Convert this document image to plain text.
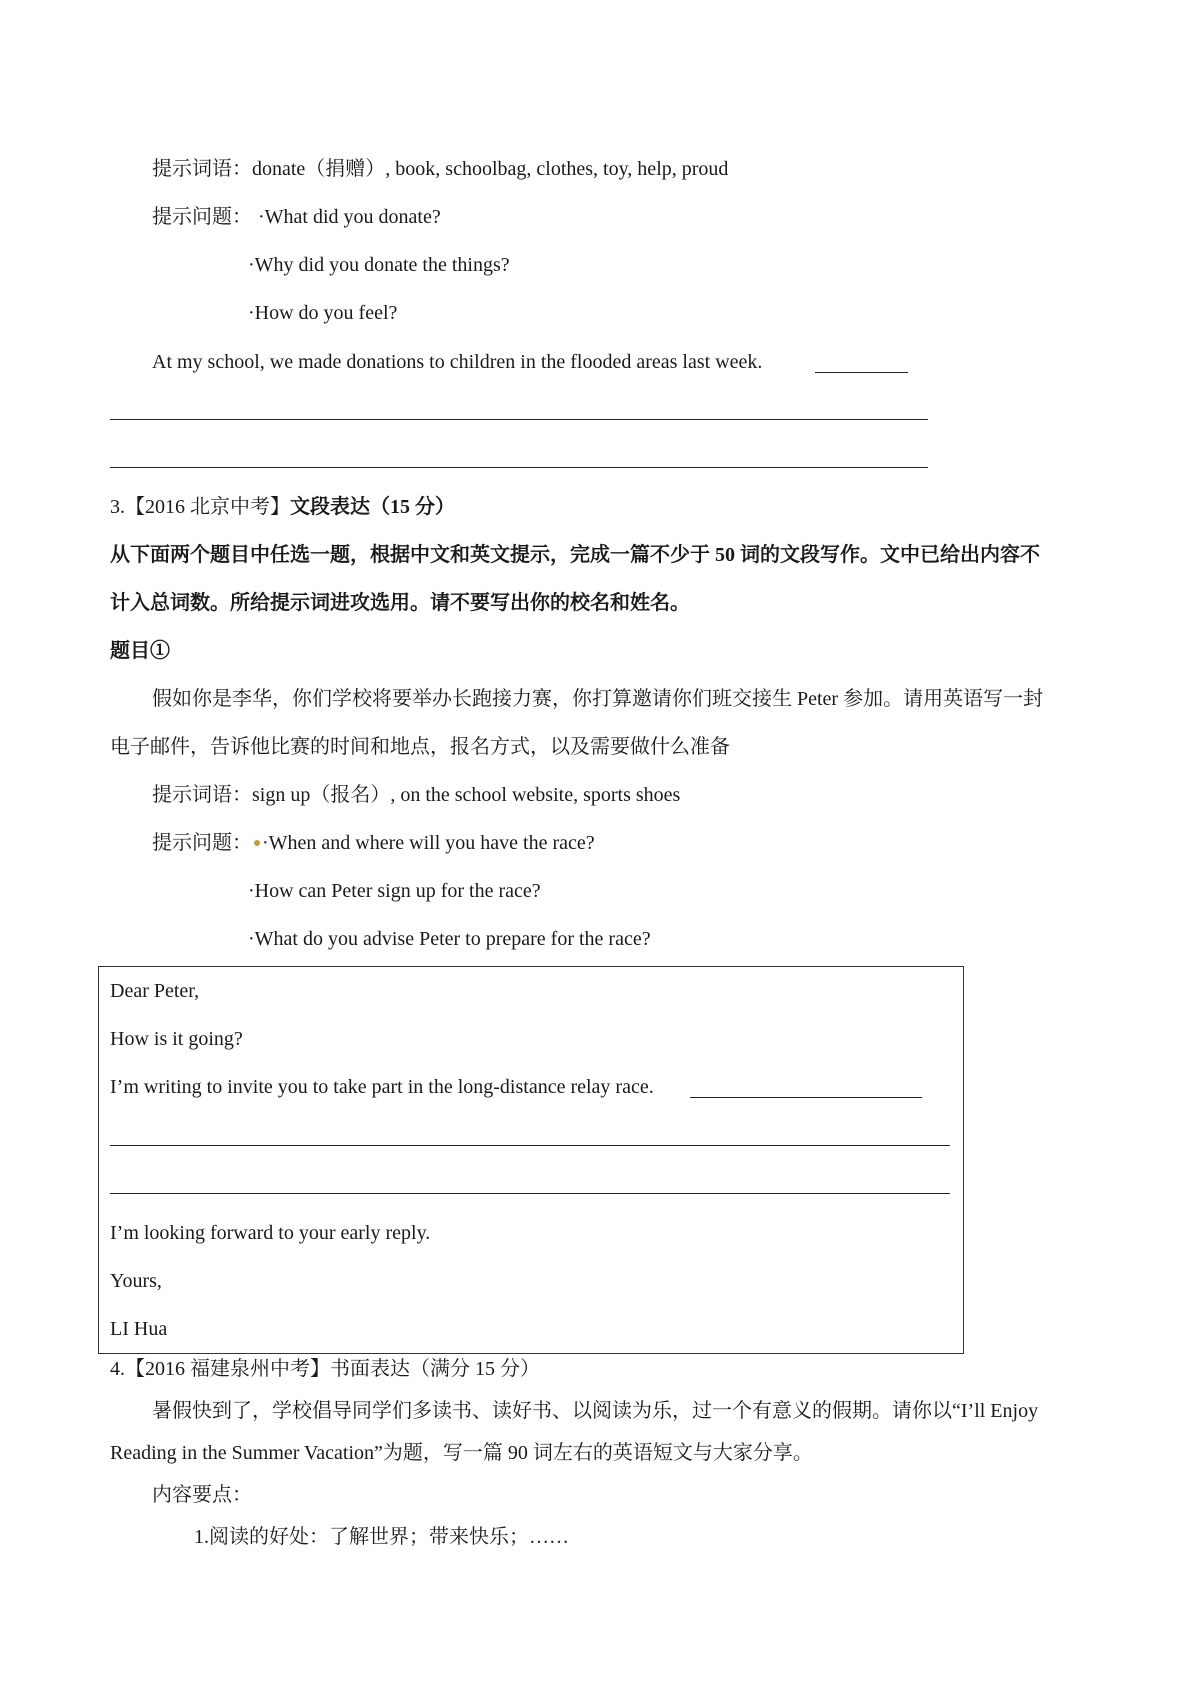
提示词语：donate（捐赠）, book, schoolbag, clothes, toy, help, proud
提示问题： ·What did you donate?
·Why did you donate the things?
·How do you feel?
At my school, we made donations to children in the flooded areas last week.
3.【2016 北京中考】文段表达（15 分）
从下面两个题目中任选一题，根据中文和英文提示，完成一篇不少于 50 词的文段写作。文中已给出内容不
计入总词数。所给提示词进攻选用。请不要写出你的校名和姓名。
题目①
假如你是李华，你们学校将要举办长跑接力赛，你打算邀请你们班交接生 Peter 参加。请用英语写一封
电子邮件，告诉他比赛的时间和地点，报名方式，以及需要做什么准备
提示词语：sign up（报名）, on the school website, sports shoes
提示问题： ·When and where will you have the race?
·How can Peter sign up for the race?
·What do you advise Peter to prepare for the race?
Dear Peter,
How is it going?
I’m writing to invite you to take part in the long-distance relay race.
I’m looking forward to your early reply.
Yours,
LI Hua
4.【2016 福建泉州中考】书面表达（满分 15 分）
暑假快到了，学校倡导同学们多读书、读好书、以阅读为乐，过一个有意义的假期。请你以“I’ll Enjoy
Reading in the Summer Vacation”为题，写一篇 90 词左右的英语短文与大家分享。
内容要点：
1.阅读的好处：了解世界；带来快乐；……
